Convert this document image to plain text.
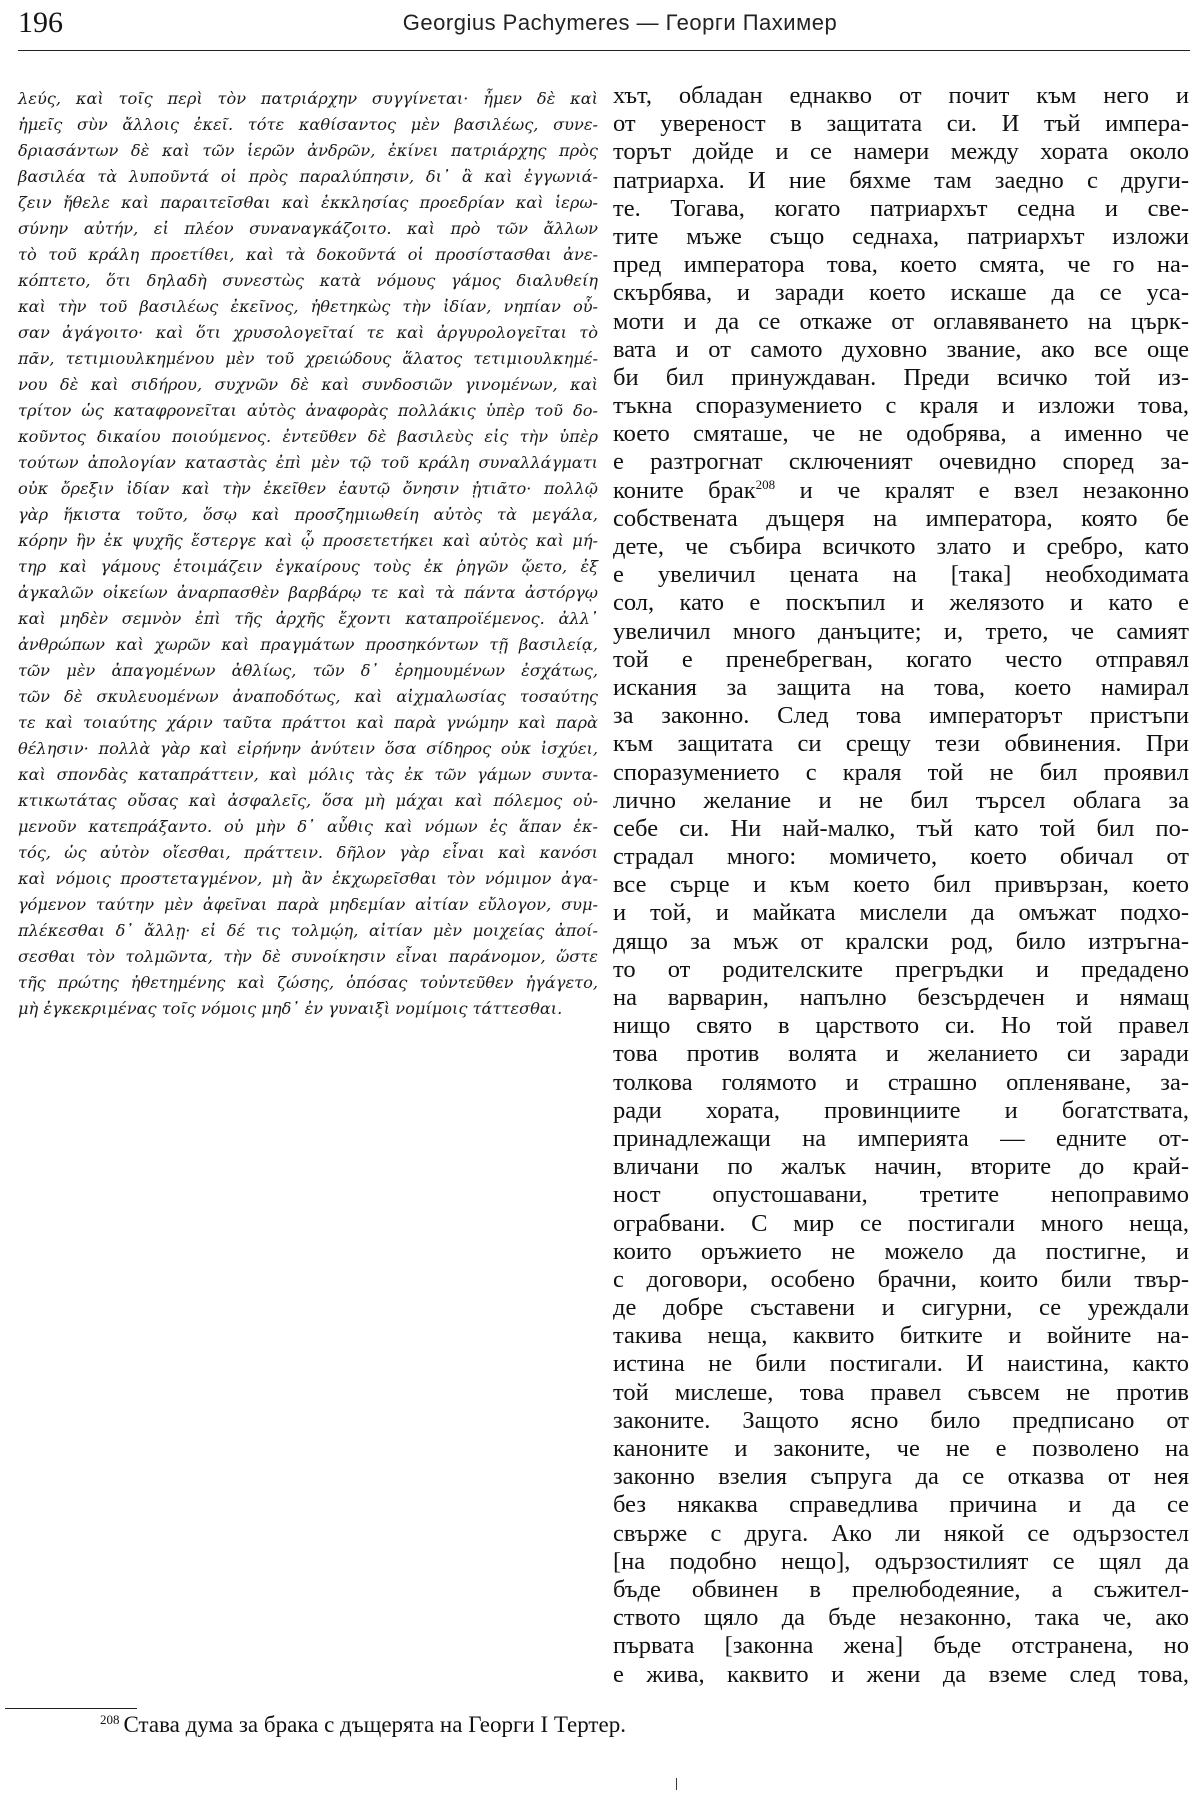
196	Georgius Pachymeres — Георги Пахимер
λεύς, καὶ τοῖς περὶ τὸν πατριάρχην συγγίνεται· ἦμεν δὲ καὶ
ἡμεῖς σὺν ἄλλοις ἐκεῖ. τότε καθίσαντος μὲν βασιλέως, συνε-
δριασάντων δὲ καὶ τῶν ἱερῶν ἀνδρῶν, ἐκίνει πατριάρχης πρὸς
βασιλέα τὰ λυποῦντά οἱ πρὸς παραλύπησιν, δι᾽ ἃ καὶ ἐγγωνιά-
ζειν ἤθελε καὶ παραιτεῖσθαι καὶ ἐκκλησίας προεδρίαν καὶ ἱερω-
σύνην αὐτήν, εἰ πλέον συναναγκάζοιτο. καὶ πρὸ τῶν ἄλλων
τὸ τοῦ κράλη προετίθει, καὶ τὰ δοκοῦντά οἱ προσίστασθαι ἀνε-
κόπτετο, ὅτι δηλαδὴ συνεστὼς κατὰ νόμους γάμος διαλυθείη
καὶ τὴν τοῦ βασιλέως ἐκεῖνος, ἠθετηκὼς τὴν ἰδίαν, νηπίαν οὖ-
σαν ἀγάγοιτο· καὶ ὅτι χρυσολογεῖταί τε καὶ ἀργυρολογεῖται τὸ
πᾶν, τετιμιουλκημένου μὲν τοῦ χρειώδους ἅλατος τετιμιουλκημέ-
νου δὲ καὶ σιδήρου, συχνῶν δὲ καὶ συνδοσιῶν γινομένων, καὶ
τρίτον ὡς καταφρονεῖται αὐτὸς ἀναφορὰς πολλάκις ὑπὲρ τοῦ δο-
κοῦντος δικαίου ποιούμενος. ἐντεῦθεν δὲ βασιλεὺς εἰς τὴν ὑπὲρ
τούτων ἀπολογίαν καταστὰς ἐπὶ μὲν τῷ τοῦ κράλη συναλλάγματι
οὐκ ὄρεξιν ἰδίαν καὶ τὴν ἐκεῖθεν ἑαυτῷ ὄνησιν ᾐτιᾶτο· πολλῷ
γὰρ ἥκιστα τοῦτο, ὅσῳ καὶ προσζημιωθείη αὐτὸς τὰ μεγάλα,
κόρην ἣν ἐκ ψυχῆς ἔστεργε καὶ ᾧ προσετετήκει καὶ αὐτὸς καὶ μή-
τηρ καὶ γάμους ἑτοιμάζειν ἐγκαίρους τοὺς ἐκ ῥηγῶν ᾤετο, ἐξ
ἀγκαλῶν οἰκείων ἀναρπασθὲν βαρβάρῳ τε καὶ τὰ πάντα ἀστόργῳ
καὶ μηδὲν σεμνὸν ἐπὶ τῆς ἀρχῆς ἔχοντι καταπροϊέμενος. ἀλλ᾽
ἀνθρώπων καὶ χωρῶν καὶ πραγμάτων προσηκόντων τῇ βασιλείᾳ,
τῶν μὲν ἀπαγομένων ἀθλίως, τῶν δ᾽ ἐρημουμένων ἐσχάτως,
τῶν δὲ σκυλευομένων ἀναποδότως, καὶ αἰχμαλωσίας τοσαύτης
τε καὶ τοιαύτης χάριν ταῦτα πράττοι καὶ παρὰ γνώμην καὶ παρὰ
θέλησιν· πολλὰ γὰρ καὶ εἰρήνην ἀνύτειν ὅσα σίδηρος οὐκ ἰσχύει,
καὶ σπονδὰς καταπράττειν, καὶ μόλις τὰς ἐκ τῶν γάμων συντα-
κτικωτάτας οὔσας καὶ ἀσφαλεῖς, ὅσα μὴ μάχαι καὶ πόλεμος οὐ-
μενοῦν κατεπράξαντο. οὐ μὴν δ᾽ αὖθις καὶ νόμων ἐς ἅπαν ἐκ-
τός, ὡς αὐτὸν οἴεσθαι, πράττειν. δῆλον γὰρ εἶναι καὶ κανόσι
καὶ νόμοις προστεταγμένον, μὴ ἂν ἐκχωρεῖσθαι τὸν νόμιμον ἀγα-
γόμενον ταύτην μὲν ἀφεῖναι παρὰ μηδεμίαν αἰτίαν εὔλογον, συμ-
πλέκεσθαι δ᾽ ἄλλῃ· εἰ δέ τις τολμῴη, αἰτίαν μὲν μοιχείας ἀποί-
σεσθαι τὸν τολμῶντα, τὴν δὲ συνοίκησιν εἶναι παράνομον, ὥστε
τῆς πρώτης ἠθετημένης καὶ ζώσης, ὁπόσας τοὐντεῦθεν ἠγάγετο,
μὴ ἐγκεκριμένας τοῖς νόμοις μηδ᾽ ἐν γυναιξὶ νομίμοις τάττεσθαι.
хът, обладан еднакво от почит към него и
от увереност в защитата си. И тъй импера-
торът дойде и се намери между хората около
патриарха. И ние бяхме там заедно с други-
те. Тогава, когато патриархът седна и све-
тите мъже също седнаха, патриархът изложи
пред императора това, което смята, че го на-
скърбява, и заради което искаше да се уса-
моти и да се откаже от оглавяването на църк-
вата и от самото духовно звание, ако все още
би бил принуждаван. Преди всичко той из-
тъкна споразумението с краля и изложи това,
което смяташе, че не одобрява, а именно че
е разтрогнат сключеният очевидно според за-
коните брак$^{208}$ и че кралят е взел незаконно
собствената дъщеря на императора, която бе
дете, че събира всичкото злато и сребро, като
е увеличил цената на [така] необходимата
сол, като е поскъпил и желязото и като е
увеличил много данъците; и, трето, че самият
той е пренебрегван, когато често отправял
искания за защита на това, което намирал
за законно. След това императорът пристъпи
към защитата си срещу тези обвинения. При
споразумението с краля той не бил проявил
лично желание и не бил търсел облага за
себе си. Ни най-малко, тъй като той бил по-
страдал много: момичето, което обичал от
все сърце и към което бил привързан, което
и той, и майката мислели да омъжат подхо-
дящо за мъж от кралски род, било изтръгна-
то от родителските прегръдки и предадено
на варварин, напълно безсърдечен и нямащ
нищо свято в царството си. Но той правел
това против волята и желанието си заради
толкова голямото и страшно опленяване, за-
ради хората, провинциите и богатствата,
принадлежащи на империята — едните от-
вличани по жалък начин, вторите до край-
ност опустошавани, третите непоправимо
ограбвани. С мир се постигали много неща,
които оръжието не можело да постигне, и
с договори, особено брачни, които били твър-
де добре съставени и сигурни, се уреждали
такива неща, каквито битките и войните на-
истина не били постигали. И наистина, както
той мислеше, това правел съвсем не против
законите. Защото ясно било предписано от
каноните и законите, че не е позволено на
законно взелия съпруга да се отказва от нея
без някаква справедлива причина и да се
свърже с друга. Ако ли някой се одързостел
[на подобно нещо], одързостилият се щял да
бъде обвинен в прелюбодеяние, а съжител-
ството щяло да бъде незаконно, така че, ако
първата [законна жена] бъде отстранена, но
е жива, каквито и жени да вземе след това,
$^{208}$ Става дума за брака с дъщерята на Георги I Тертер.
